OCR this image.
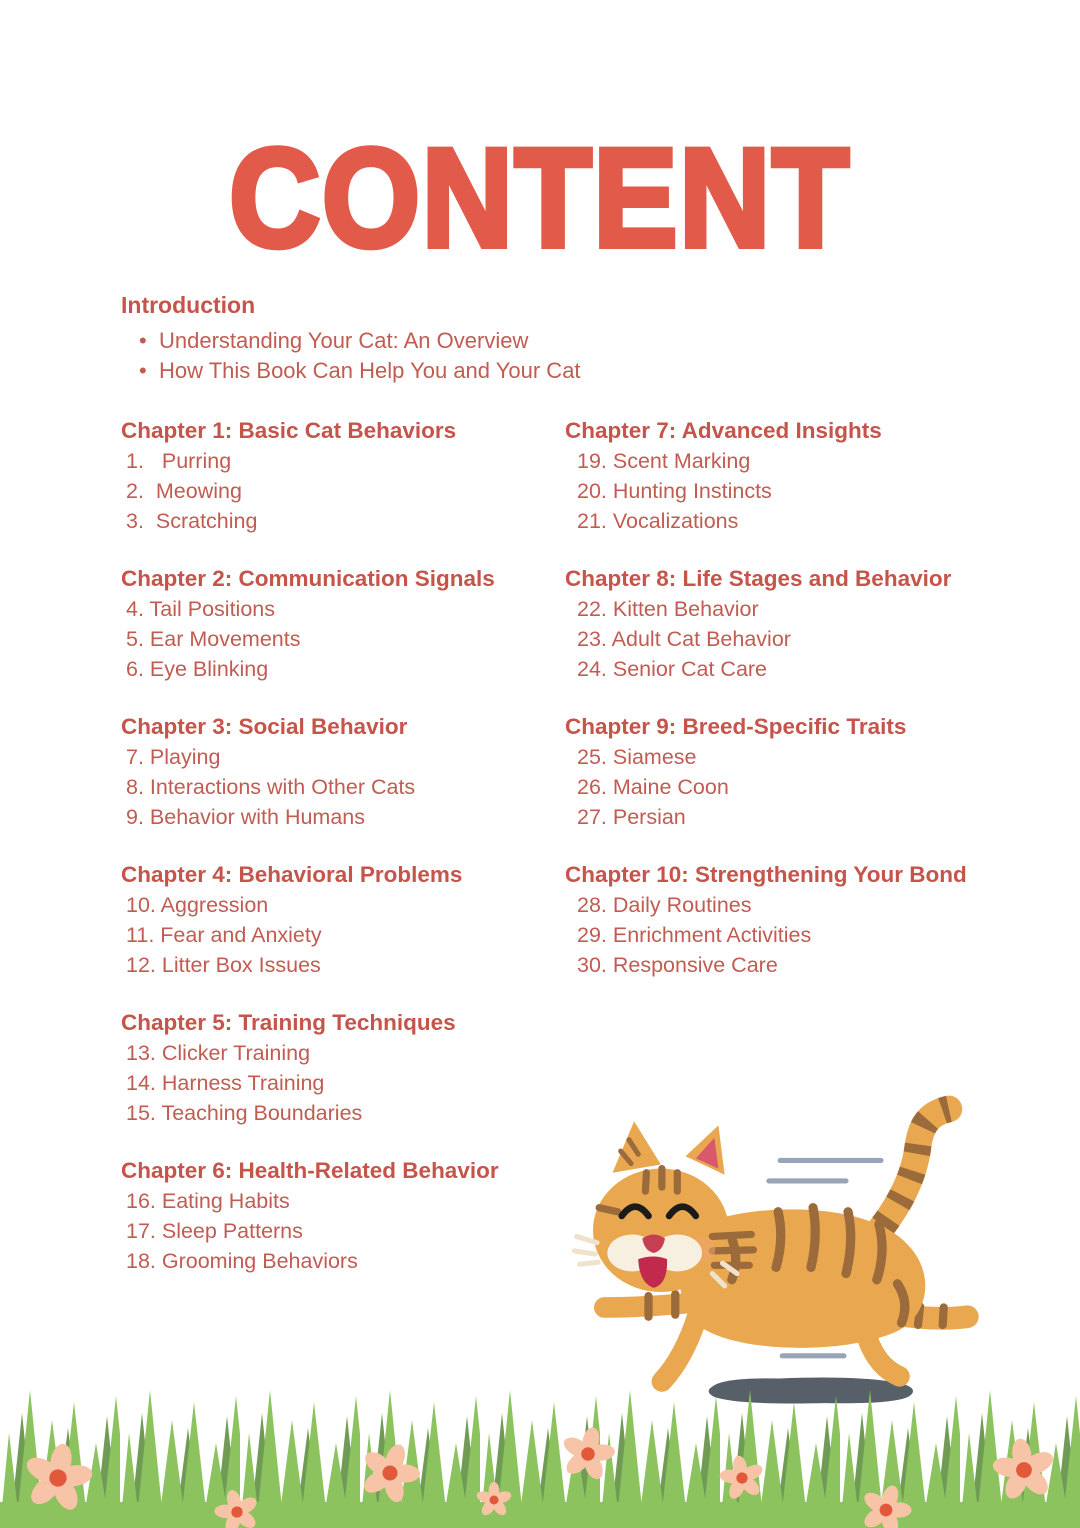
CONTENT

Introduction

• Understanding Your Cat: An Overview
• How This Book Can Help You and Your Cat

Chapter 1: Basic Cat Behaviors

1.   Purring
2.  Meowing
3.  Scratching

Chapter 2: Communication Signals

4. Tail Positions
5. Ear Movements
6. Eye Blinking

Chapter 3: Social Behavior

7. Playing
8. Interactions with Other Cats
9. Behavior with Humans

Chapter 4: Behavioral Problems

10. Aggression
11. Fear and Anxiety
12. Litter Box Issues

Chapter 5: Training Techniques

13. Clicker Training
14. Harness Training
15. Teaching Boundaries

Chapter 6: Health-Related Behavior

16. Eating Habits
17. Sleep Patterns
18. Grooming Behaviors

Chapter 7: Advanced Insights

19. Scent Marking
20. Hunting Instincts
21. Vocalizations

Chapter 8: Life Stages and Behavior

22. Kitten Behavior
23. Adult Cat Behavior
24. Senior Cat Care

Chapter 9: Breed-Specific Traits

25. Siamese
26. Maine Coon
27. Persian

Chapter 10: Strengthening Your Bond

28. Daily Routines
29. Enrichment Activities
30. Responsive Care
